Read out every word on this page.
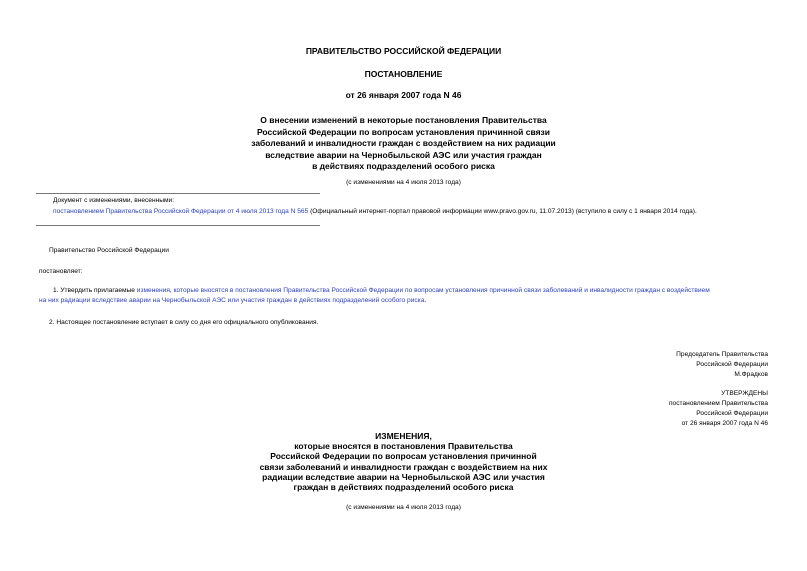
ПРАВИТЕЛЬСТВО РОССИЙСКОЙ ФЕДЕРАЦИИ
ПОСТАНОВЛЕНИЕ
от 26 января 2007 года N 46
О внесении изменений в некоторые постановления Правительства
Российской Федерации по вопросам установления причинной связи
заболеваний и инвалидности граждан с воздействием на них радиации
вследствие аварии на Чернобыльской АЭС или участия граждан
в действиях подразделений особого риска
(с изменениями на 4 июля 2013 года)
Документ с изменениями, внесенными:
постановлением Правительства Российской Федерации от 4 июля 2013 года N 565 (Официальный интернет-портал правовой информации www.pravo.gov.ru, 11.07.2013) (вступило в силу с 1 января 2014 года).
Правительство Российской Федерации
постановляет:
1. Утвердить прилагаемые изменения, которые вносятся в постановления Правительства Российской Федерации по вопросам установления причинной связи заболеваний и инвалидности граждан с воздействием
на них радиации вследствие аварии на Чернобыльской АЭС или участия граждан в действиях подразделений особого риска.
2. Настоящее постановление вступает в силу со дня его официального опубликования.
Председатель Правительства
Российской Федерации
М.Фрадков
УТВЕРЖДЕНЫ
постановлением Правительства
Российской Федерации
от 26 января 2007 года N 46
ИЗМЕНЕНИЯ,
которые вносятся в постановления Правительства
Российской Федерации по вопросам установления причинной
связи заболеваний и инвалидности граждан с воздействием на них
радиации вследствие аварии на Чернобыльской АЭС или участия
граждан в действиях подразделений особого риска
(с изменениями на 4 июля 2013 года)
